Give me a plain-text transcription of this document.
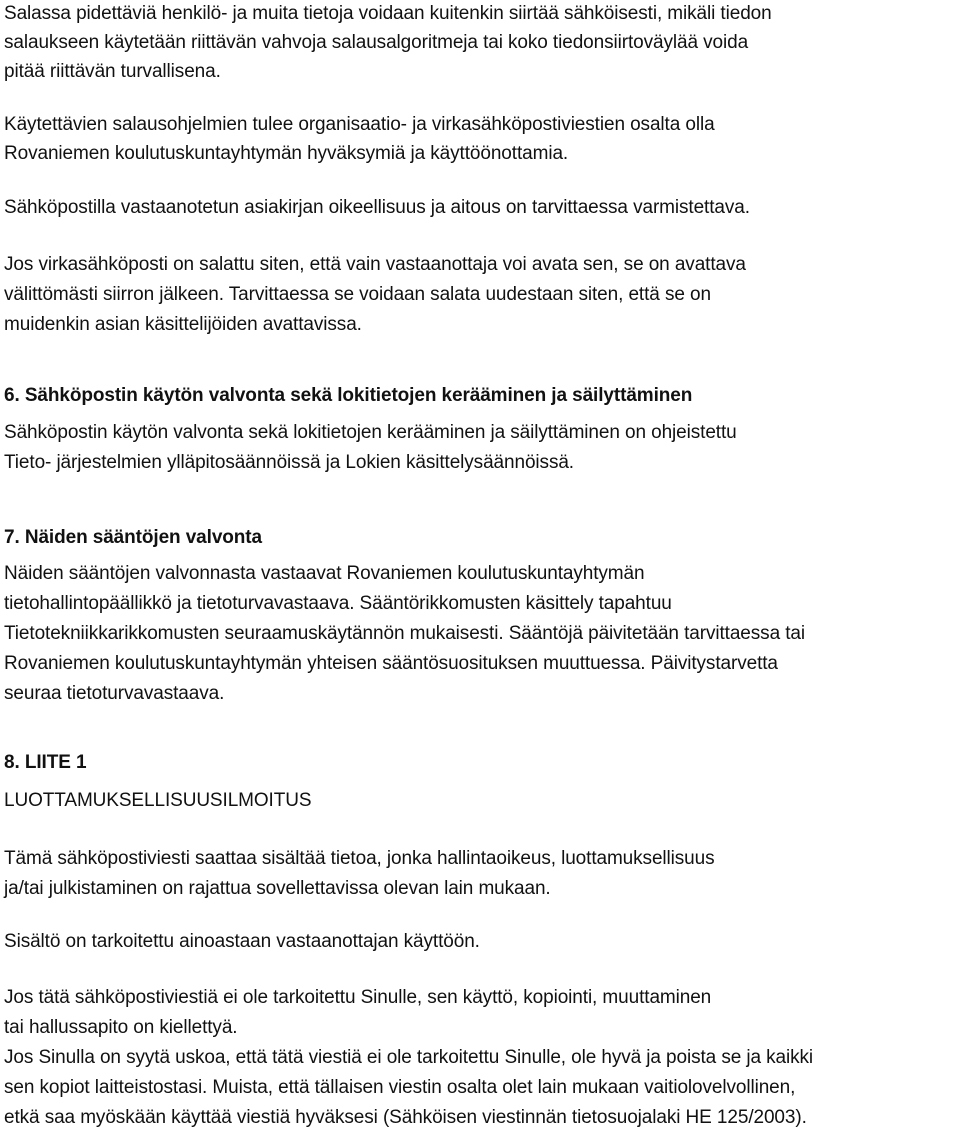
Salassa pidettäviä henkilö- ja muita tietoja voidaan kuitenkin siirtää sähköisesti, mikäli tiedon
salaukseen käytetään riittävän vahvoja salausalgoritmeja tai koko tiedonsiirtoväylää voida
pitää riittävän turvallisena.
Käytettävien salausohjelmien tulee organisaatio- ja virkasähköpostiviestien osalta olla
Rovaniemen koulutuskuntayhtymän hyväksymiä ja käyttöönottamia.
Sähköpostilla vastaanotetun asiakirjan oikeellisuus ja aitous on tarvittaessa varmistettava.
Jos virkasähköposti on salattu siten, että vain vastaanottaja voi avata sen, se on avattava
välittömästi siirron jälkeen. Tarvittaessa se voidaan salata uudestaan siten, että se on
muidenkin asian käsittelijöiden avattavissa.
6. Sähköpostin käytön valvonta sekä lokitietojen kerääminen ja säilyttäminen
Sähköpostin käytön valvonta sekä lokitietojen kerääminen ja säilyttäminen on ohjeistettu
Tieto- järjestelmien ylläpitosäännöissä ja Lokien käsittelysäännöissä.
7. Näiden sääntöjen valvonta
Näiden sääntöjen valvonnasta vastaavat Rovaniemen koulutuskuntayhtymän
tietohallintopäällikkö ja tietoturvavastaava. Sääntörikkomusten käsittely tapahtuu
Tietotekniikkarikkomusten seuraamuskäytännön mukaisesti. Sääntöjä päivitetään tarvittaessa tai
Rovaniemen koulutuskuntayhtymän yhteisen sääntösuosituksen muuttuessa. Päivitystarvetta
seuraa tietoturvavastaava.
8. LIITE 1
LUOTTAMUKSELLISUUSILMOITUS
Tämä sähköpostiviesti saattaa sisältää tietoa, jonka hallintaoikeus, luottamuksellisuus
ja/tai julkistaminen on rajattua sovellettavissa olevan lain mukaan.
Sisältö on tarkoitettu ainoastaan vastaanottajan käyttöön.
Jos tätä sähköpostiviestiä ei ole tarkoitettu Sinulle, sen käyttö, kopiointi, muuttaminen
tai hallussapito on kiellettyä.
Jos Sinulla on syytä uskoa, että tätä viestiä ei ole tarkoitettu Sinulle, ole hyvä ja poista se ja kaikki
sen kopiot laitteistostasi. Muista, että tällaisen viestin osalta olet lain mukaan vaitiolovelvollinen,
etkä saa myöskään käyttää viestiä hyväksesi (Sähköisen viestinnän tietosuojalaki HE 125/2003).
